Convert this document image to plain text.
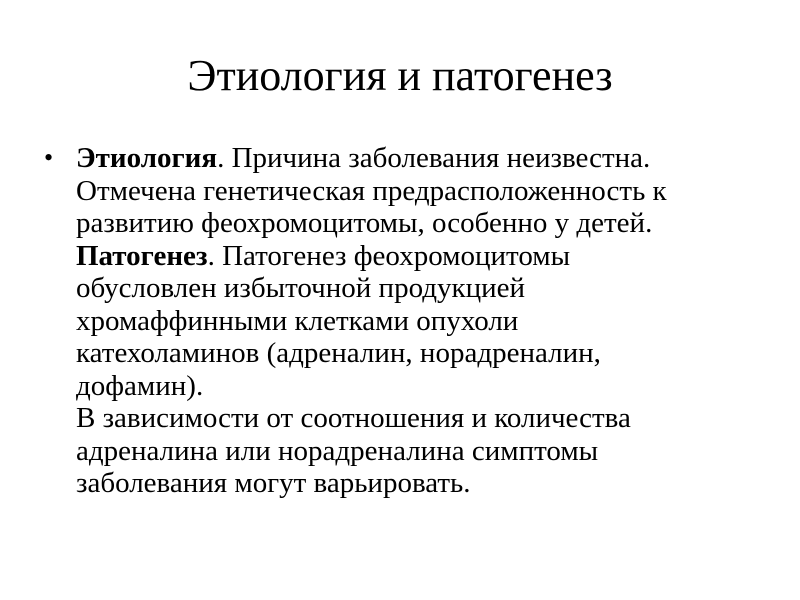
Этиология и патогенез
• Этиология. Причина заболевания неизвестна.
Отмечена генетическая предрасположенность к
развитию феохромоцитомы, особенно у детей.
Патогенез. Патогенез феохромоцитомы
обусловлен избыточной продукцией
хромаффинными клетками опухоли
катехоламинов (адреналин, норадреналин,
дофамин).
В зависимости от соотношения и количества
адреналина или норадреналина симптомы
заболевания могут варьировать.
